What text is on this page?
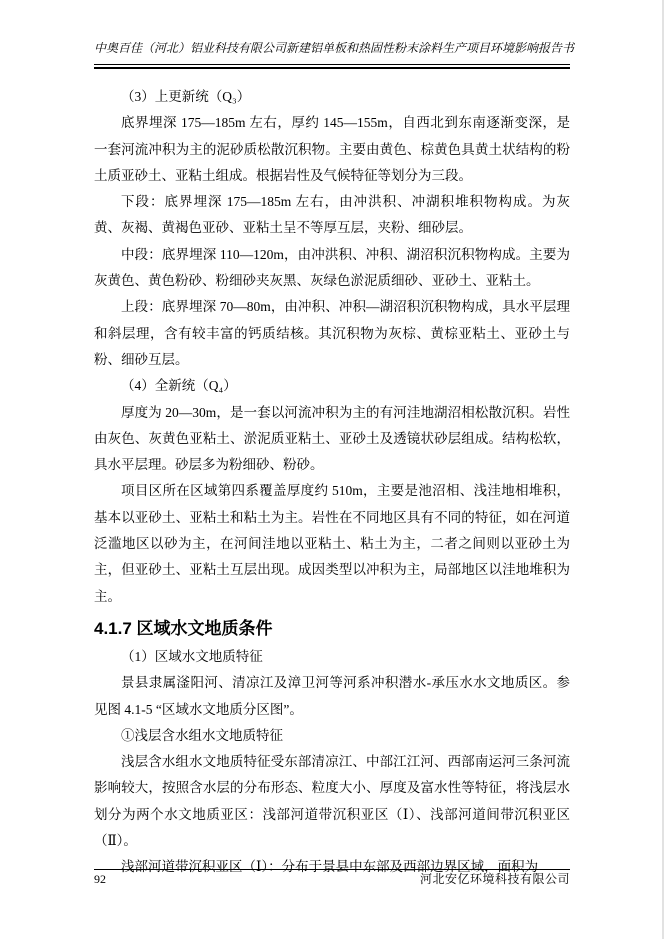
中奥百佳（河北）铝业科技有限公司新建铝单板和热固性粉末涂料生产项目环境影响报告书

（3）上更新统（Q₃）

底界埋深 175—185m 左右，厚约 145—155m，自西北到东南逐渐变深，是一套河流冲积为主的泥砂质松散沉积物。主要由黄色、棕黄色具黄土状结构的粉土质亚砂土、亚粘土组成。根据岩性及气候特征等划分为三段。

下段：底界埋深 175—185m 左右，由冲洪积、冲湖积堆积物构成。为灰黄、灰褐、黄褐色亚砂、亚粘土呈不等厚互层，夹粉、细砂层。

中段：底界埋深 110—120m，由冲洪积、冲积、湖沼积沉积物构成。主要为灰黄色、黄色粉砂、粉细砂夹灰黑、灰绿色淤泥质细砂、亚砂土、亚粘土。

上段：底界埋深 70—80m，由冲积、冲积—湖沼积沉积物构成，具水平层理和斜层理，含有较丰富的钙质结核。其沉积物为灰棕、黄棕亚粘土、亚砂土与粉、细砂互层。

（4）全新统（Q₄）

厚度为 20—30m，是一套以河流冲积为主的有河洼地湖沼相松散沉积。岩性由灰色、灰黄色亚粘土、淤泥质亚粘土、亚砂土及透镜状砂层组成。结构松软，具水平层理。砂层多为粉细砂、粉砂。

项目区所在区域第四系覆盖厚度约 510m，主要是池沼相、浅洼地相堆积，基本以亚砂土、亚粘土和粘土为主。岩性在不同地区具有不同的特征，如在河道泛滥地区以砂为主，在河间洼地以亚粘土、粘土为主，二者之间则以亚砂土为主，但亚砂土、亚粘土互层出现。成因类型以冲积为主，局部地区以洼地堆积为主。

4.1.7 区域水文地质条件

（1）区域水文地质特征

景县隶属滏阳河、清凉江及漳卫河等河系冲积潜水-承压水水文地质区。参见图 4.1-5 “区域水文地质分区图”。

①浅层含水组水文地质特征

浅层含水组水文地质特征受东部清凉江、中部江江河、西部南运河三条河流影响较大，按照含水层的分布形态、粒度大小、厚度及富水性等特征，将浅层水划分为两个水文地质亚区：浅部河道带沉积亚区（Ⅰ）、浅部河道间带沉积亚区（Ⅱ）。

浅部河道带沉积亚区（Ⅰ）：分布于景县中东部及西部边界区域，面积为

92	河北安亿环境科技有限公司
